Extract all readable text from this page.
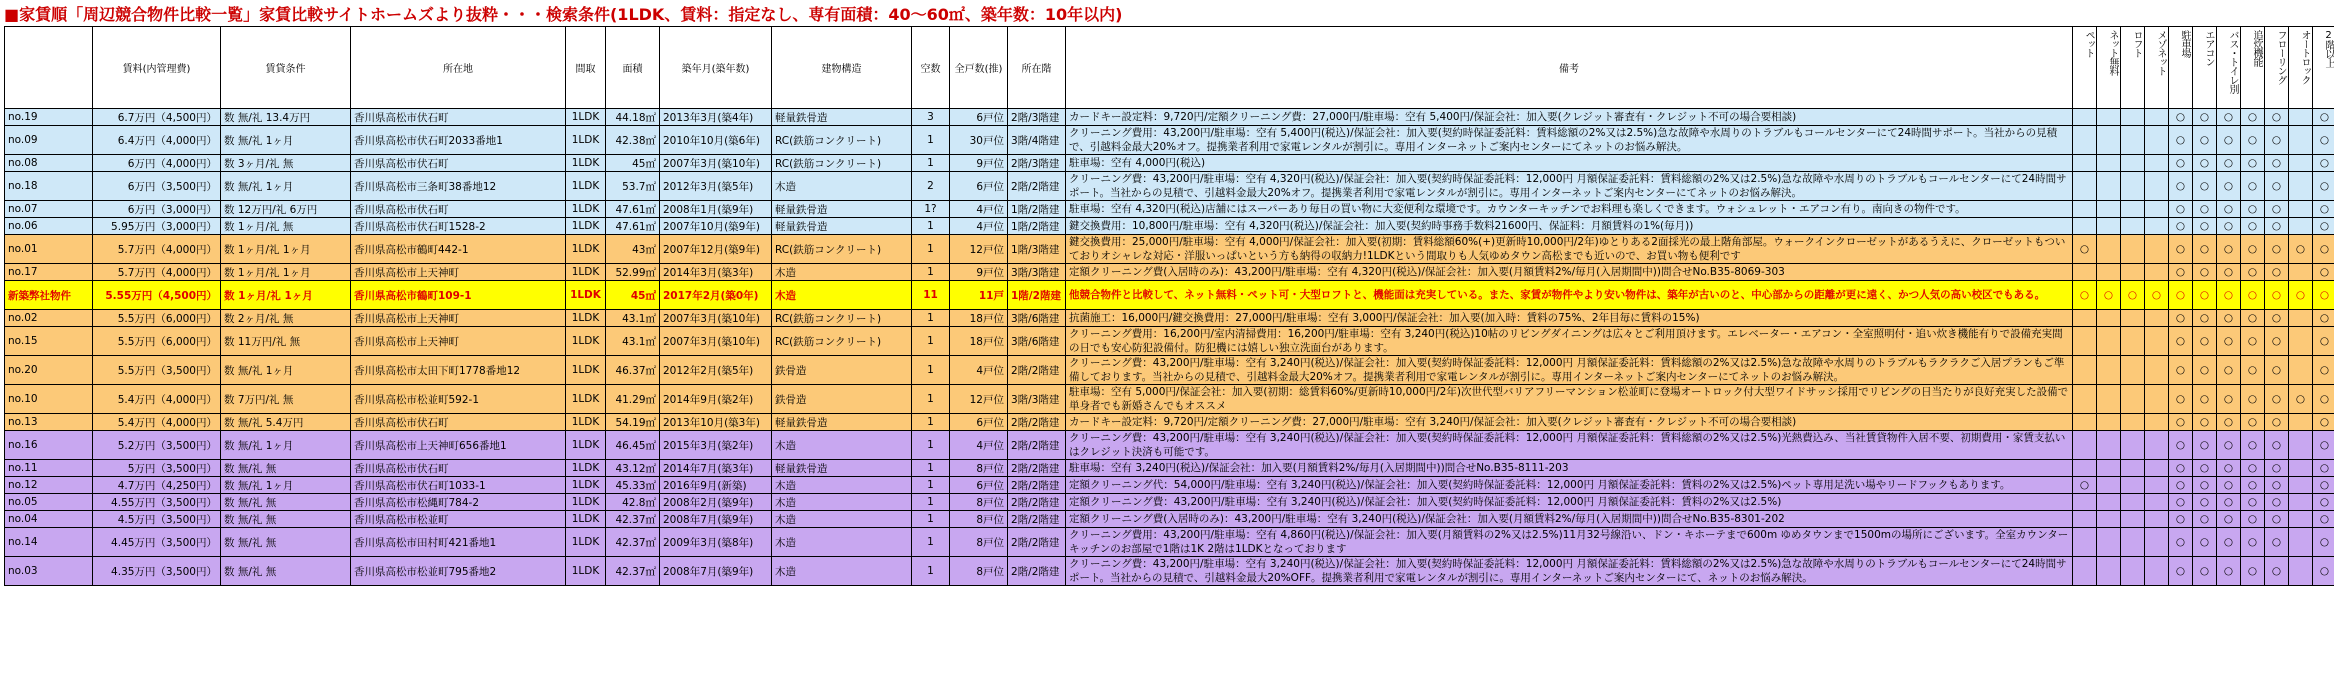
■家賃順「周辺競合物件比較一覧」家賃比較サイトホームズより抜粋・・・検索条件(1LDK、賃料：指定なし、専有面積：40～60㎡、築年数：10年以内)
	賃料(内管理費)	賃貸条件	所在地	間取	面積	築年月(築年数)	建物構造	空数	全戸数(推)	所在階	備考	ペット	ネット無料	ロフト	メゾネット	駐車場	エアコン	バス・トイレ別	追炊機能	フローリング	オートロック	2階以上
no.19	6.7万円（4,500円）	数 無/礼 13.4万円	香川県高松市伏石町	1LDK	44.18㎡	2013年3月(築4年)	軽量鉄骨造	3	6戸位	2階/3階建	カードキー設定料：9,720円/定額クリーニング費：27,000円/駐車場：空有 5,400円/保証会社：加入要(クレジット審査有・クレジット不可の場合要相談)					○	○	○	○	○		○
no.09	6.4万円（4,000円）	数 無/礼 1ヶ月	香川県高松市伏石町2033番地1	1LDK	42.38㎡	2010年10月(築6年)	RC(鉄筋コンクリート)	1	30戸位	3階/4階建	クリーニング費用：43,200円/駐車場：空有 5,400円(税込)/保証会社：加入要(契約時保証委託料：賃料総額の2%又は2.5%)急な故障や水周りのトラブルもコールセンターにて24時間サポート。当社からの見積で、引越料金最大20%オフ。提携業者利用で家電レンタルが割引に。専用インターネットご案内センターにてネットのお悩み解決。					○	○	○	○	○		○
no.08	6万円（4,000円）	数 3ヶ月/礼 無	香川県高松市伏石町	1LDK	45㎡	2007年3月(築10年)	RC(鉄筋コンクリート)	1	9戸位	2階/3階建	駐車場：空有 4,000円(税込)					○	○	○	○	○		○
no.18	6万円（3,500円）	数 無/礼 1ヶ月	香川県高松市三条町38番地12	1LDK	53.7㎡	2012年3月(築5年)	木造	2	6戸位	2階/2階建	クリーニング費：43,200円/駐車場：空有 4,320円(税込)/保証会社：加入要(契約時保証委託料：12,000円 月額保証委託料：賃料総額の2%又は2.5%)急な故障や水周りのトラブルもコールセンターにて24時間サポート。当社からの見積で、引越料金最大20%オフ。提携業者利用で家電レンタルが割引に。専用インターネットご案内センターにてネットのお悩み解決。					○	○	○	○	○		○
no.07	6万円（3,000円）	数 12万円/礼 6万円	香川県高松市伏石町	1LDK	47.61㎡	2008年1月(築9年)	軽量鉄骨造	1?	4戸位	1階/2階建	駐車場：空有 4,320円(税込)店舗にはスーパーあり毎日の買い物に大変便利な環境です。カウンターキッチンでお料理も楽しくできます。ウォシュレット・エアコン有り。南向きの物件です。					○	○	○	○	○		○
no.06	5.95万円（3,000円）	数 1ヶ月/礼 無	香川県高松市伏石町1528-2	1LDK	47.61㎡	2007年10月(築9年)	軽量鉄骨造	1	4戸位	1階/2階建	鍵交換費用：10,800円/駐車場：空有 4,320円(税込)/保証会社：加入要(契約時事務手数料21600円、保証料：月額賃料の1%(毎月))					○	○	○	○	○		○
no.01	5.7万円（4,000円）	数 1ヶ月/礼 1ヶ月	香川県高松市鶴町442-1	1LDK	43㎡	2007年12月(築9年)	RC(鉄筋コンクリート)	1	12戸位	1階/3階建	鍵交換費用：25,000円/駐車場：空有 4,000円/保証会社：加入要(初期：賃料総額60%(+)更新時10,000円/2年)ゆとりある2面採光の最上階角部屋。ウォークインクローゼットがあるうえに、クローゼットもついておりオシャレな対応・洋服いっぱいという方も納得の収納力!1LDKという間取りも人気ゆめタウン高松までも近いので、お買い物も便利です	○				○	○	○	○	○	○	○
no.17	5.7万円（4,000円）	数 1ヶ月/礼 1ヶ月	香川県高松市上天神町	1LDK	52.99㎡	2014年3月(築3年)	木造	1	9戸位	3階/3階建	定額クリーニング費(入居時のみ)：43,200円/駐車場：空有 4,320円(税込)/保証会社：加入要(月額賃料2%/毎月(入居期間中))問合せNo.B35-8069-303					○	○	○	○	○		○
新築弊社物件	5.55万円（4,500円）	数 1ヶ月/礼 1ヶ月	香川県高松市鶴町109-1	1LDK	45㎡	2017年2月(築0年)	木造	11	11戸	1階/2階建	他競合物件と比較して、ネット無料・ペット可・大型ロフトと、機能面は充実している。また、家賃が物件やより安い物件は、築年が古いのと、中心部からの距離が更に遠く、かつ人気の高い校区でもある。	○	○	○	○	○	○	○	○	○	○	○
no.02	5.5万円（6,000円）	数 2ヶ月/礼 無	香川県高松市上天神町	1LDK	43.1㎡	2007年3月(築10年)	RC(鉄筋コンクリート)	1	18戸位	3階/6階建	抗菌施工：16,000円/鍵交換費用：27,000円/駐車場：空有 3,000円/保証会社：加入要(加入時：賃料の75%、2年目毎に賃料の15%)					○	○	○	○	○		○
no.15	5.5万円（6,000円）	数 11万円/礼 無	香川県高松市上天神町	1LDK	43.1㎡	2007年3月(築10年)	RC(鉄筋コンクリート)	1	18戸位	3階/6階建	クリーニング費用：16,200円/室内清掃費用：16,200円/駐車場：空有 3,240円(税込)10帖のリビングダイニングは広々とご利用頂けます。エレベーター・エアコン・全室照明付・追い炊き機能有りで設備充実間の日でも安心防犯設備付。防犯機には嬉しい独立洗面台があります。					○	○	○	○	○		○
no.20	5.5万円（3,500円）	数 無/礼 1ヶ月	香川県高松市太田下町1778番地12	1LDK	46.37㎡	2012年2月(築5年)	鉄骨造	1	4戸位	2階/2階建	クリーニング費：43,200円/駐車場：空有 3,240円(税込)/保証会社：加入要(契約時保証委託料：12,000円 月額保証委託料：賃料総額の2%又は2.5%)急な故障や水周りのトラブルもラクラクご入居プランもご準備しております。当社からの見積で、引越料金最大20%オフ。提携業者利用で家電レンタルが割引に。専用インターネットご案内センターにてネットのお悩み解決。					○	○	○	○	○		○
no.10	5.4万円（4,000円）	数 7万円/礼 無	香川県高松市松並町592-1	1LDK	41.29㎡	2014年9月(築2年)	鉄骨造	1	12戸位	3階/3階建	駐車場：空有 5,000円/保証会社：加入要(初期：総賃料60%/更新時10,000円/2年)次世代型バリアフリーマンション松並町に登場オートロック付大型ワイドサッシ採用でリビングの日当たりが良好充実した設備で単身者でも新婚さんでもオススメ					○	○	○	○	○	○	○
no.13	5.4万円（4,000円）	数 無/礼 5.4万円	香川県高松市伏石町	1LDK	54.19㎡	2013年10月(築3年)	軽量鉄骨造	1	6戸位	2階/2階建	カードキー設定料：9,720円/定額クリーニング費：27,000円/駐車場：空有 3,240円/保証会社：加入要(クレジット審査有・クレジット不可の場合要相談)					○	○	○	○	○		○
no.16	5.2万円（3,500円）	数 無/礼 1ヶ月	香川県高松市上天神町656番地1	1LDK	46.45㎡	2015年3月(築2年)	木造	1	4戸位	2階/2階建	クリーニング費：43,200円/駐車場：空有 3,240円(税込)/保証会社：加入要(契約時保証委託料：12,000円 月額保証委託料：賃料総額の2%又は2.5%)光熱費込み、当社賃貸物件入居不要、初期費用・家賃支払いはクレジット決済も可能です。					○	○	○	○	○		○
no.11	5万円（3,500円）	数 無/礼 無	香川県高松市伏石町	1LDK	43.12㎡	2014年7月(築3年)	軽量鉄骨造	1	8戸位	2階/2階建	駐車場：空有 3,240円(税込)/保証会社：加入要(月額賃料2%/毎月(入居期間中))問合せNo.B35-8111-203					○	○	○	○	○		○
no.12	4.7万円（4,250円）	数 無/礼 1ヶ月	香川県高松市伏石町1033-1	1LDK	45.33㎡	2016年9月(新築)	木造	1	6戸位	2階/2階建	定額クリーニング代：54,000円/駐車場：空有 3,240円(税込)/保証会社：加入要(契約時保証委託料：12,000円 月額保証委託料：賃料の2%又は2.5%)ペット専用足洗い場やリードフックもあります。	○				○	○	○	○	○		○
no.05	4.55万円（3,500円）	数 無/礼 無	香川県高松市松縄町784-2	1LDK	42.8㎡	2008年2月(築9年)	木造	1	8戸位	2階/2階建	定額クリーニング費：43,200円/駐車場：空有 3,240円(税込)/保証会社：加入要(契約時保証委託料：12,000円 月額保証委託料：賃料の2%又は2.5%)					○	○	○	○	○		○
no.04	4.5万円（3,500円）	数 無/礼 無	香川県高松市松並町	1LDK	42.37㎡	2008年7月(築9年)	木造	1	8戸位	2階/2階建	定額クリーニング費(入居時のみ)：43,200円/駐車場：空有 3,240円(税込)/保証会社：加入要(月額賃料2%/毎月(入居期間中))問合せNo.B35-8301-202					○	○	○	○	○		○
no.14	4.45万円（3,500円）	数 無/礼 無	香川県高松市田村町421番地1	1LDK	42.37㎡	2009年3月(築8年)	木造	1	8戸位	2階/2階建	クリーニング費用：43,200円/駐車場：空有 4,860円(税込)/保証会社：加入要(月額賃料の2%又は2.5%)11月32号線沿い、ドン・キホーテまで600m ゆめタウンまで1500mの場所にございます。全室カウンターキッチンのお部屋で1階は1K 2階は1LDKとなっております					○	○	○	○	○		○
no.03	4.35万円（3,500円）	数 無/礼 無	香川県高松市松並町795番地2	1LDK	42.37㎡	2008年7月(築9年)	木造	1	8戸位	2階/2階建	クリーニング費：43,200円/駐車場：空有 3,240円(税込)/保証会社：加入要(契約時保証委託料：12,000円 月額保証委託料：賃料総額の2%又は2.5%)急な故障や水周りのトラブルもコールセンターにて24時間サポート。当社からの見積で、引越料金最大20%OFF。提携業者利用で家電レンタルが割引に。専用インターネットご案内センターにて、ネットのお悩み解決。					○	○	○	○	○		○
